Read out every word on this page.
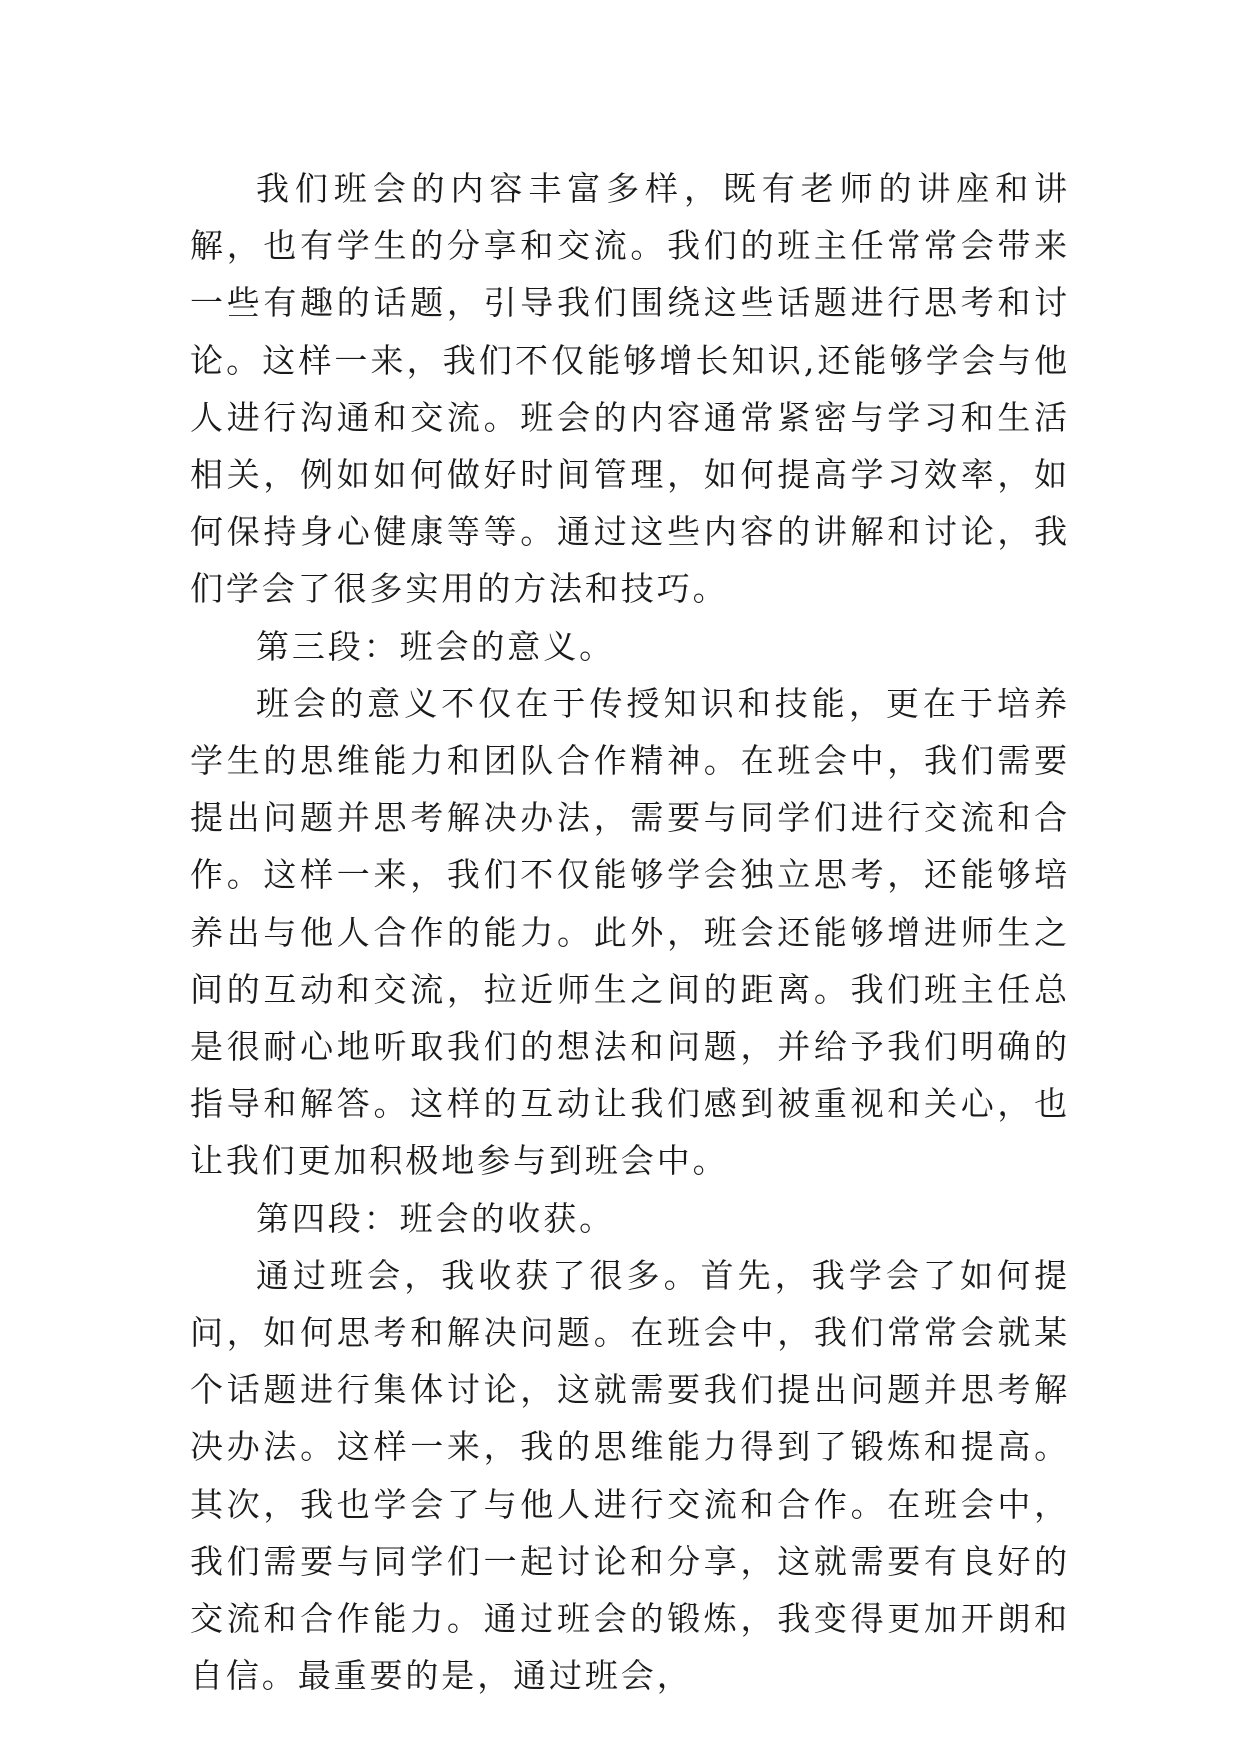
我们班会的内容丰富多样，既有老师的讲座和讲解，也有学生的分享和交流。我们的班主任常常会带来一些有趣的话题，引导我们围绕这些话题进行思考和讨论。这样一来，我们不仅能够增长知识,还能够学会与他人进行沟通和交流。班会的内容通常紧密与学习和生活相关，例如如何做好时间管理，如何提高学习效率，如何保持身心健康等等。通过这些内容的讲解和讨论，我们学会了很多实用的方法和技巧。

第三段：班会的意义。

班会的意义不仅在于传授知识和技能，更在于培养学生的思维能力和团队合作精神。在班会中，我们需要提出问题并思考解决办法，需要与同学们进行交流和合作。这样一来，我们不仅能够学会独立思考，还能够培养出与他人合作的能力。此外，班会还能够增进师生之间的互动和交流，拉近师生之间的距离。我们班主任总是很耐心地听取我们的想法和问题，并给予我们明确的指导和解答。这样的互动让我们感到被重视和关心，也让我们更加积极地参与到班会中。

第四段：班会的收获。

通过班会，我收获了很多。首先，我学会了如何提问，如何思考和解决问题。在班会中，我们常常会就某个话题进行集体讨论，这就需要我们提出问题并思考解决办法。这样一来，我的思维能力得到了锻炼和提高。其次，我也学会了与他人进行交流和合作。在班会中，我们需要与同学们一起讨论和分享，这就需要有良好的交流和合作能力。通过班会的锻炼，我变得更加开朗和自信。最重要的是，通过班会，
